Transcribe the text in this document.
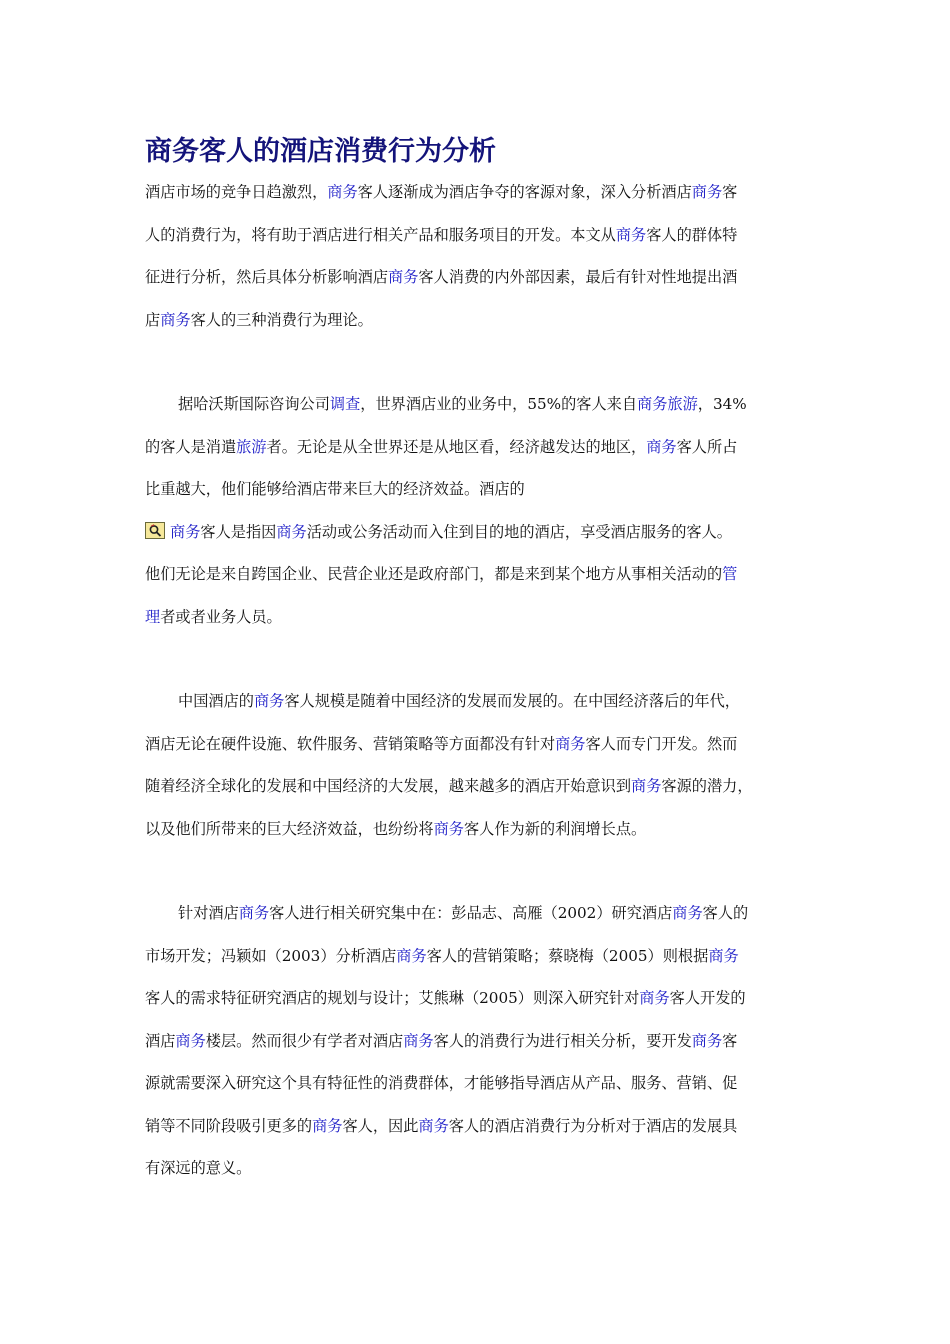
商务客人的酒店消费行为分析
酒店市场的竞争日趋激烈，商务客人逐渐成为酒店争夺的客源对象，深入分析酒店商务客
人的消费行为，将有助于酒店进行相关产品和服务项目的开发。本文从商务客人的群体特
征进行分析，然后具体分析影响酒店商务客人消费的内外部因素，最后有针对性地提出酒
店商务客人的三种消费行为理论。
据哈沃斯国际咨询公司调查，世界酒店业的业务中，55%的客人来自商务旅游，34%
的客人是消遣旅游者。无论是从全世界还是从地区看，经济越发达的地区，商务客人所占
比重越大，他们能够给酒店带来巨大的经济效益。酒店的
商务客人是指因商务活动或公务活动而入住到目的地的酒店，享受酒店服务的客人。
他们无论是来自跨国企业、民营企业还是政府部门，都是来到某个地方从事相关活动的管
理者或者业务人员。
中国酒店的商务客人规模是随着中国经济的发展而发展的。在中国经济落后的年代，
酒店无论在硬件设施、软件服务、营销策略等方面都没有针对商务客人而专门开发。然而
随着经济全球化的发展和中国经济的大发展，越来越多的酒店开始意识到商务客源的潜力，
以及他们所带来的巨大经济效益，也纷纷将商务客人作为新的利润增长点。
针对酒店商务客人进行相关研究集中在：彭品志、高雁（2002）研究酒店商务客人的
市场开发；冯颖如（2003）分析酒店商务客人的营销策略；蔡晓梅（2005）则根据商务
客人的需求特征研究酒店的规划与设计；艾熊琳（2005）则深入研究针对商务客人开发的
酒店商务楼层。然而很少有学者对酒店商务客人的消费行为进行相关分析，要开发商务客
源就需要深入研究这个具有特征性的消费群体，才能够指导酒店从产品、服务、营销、促
销等不同阶段吸引更多的商务客人，因此商务客人的酒店消费行为分析对于酒店的发展具
有深远的意义。
